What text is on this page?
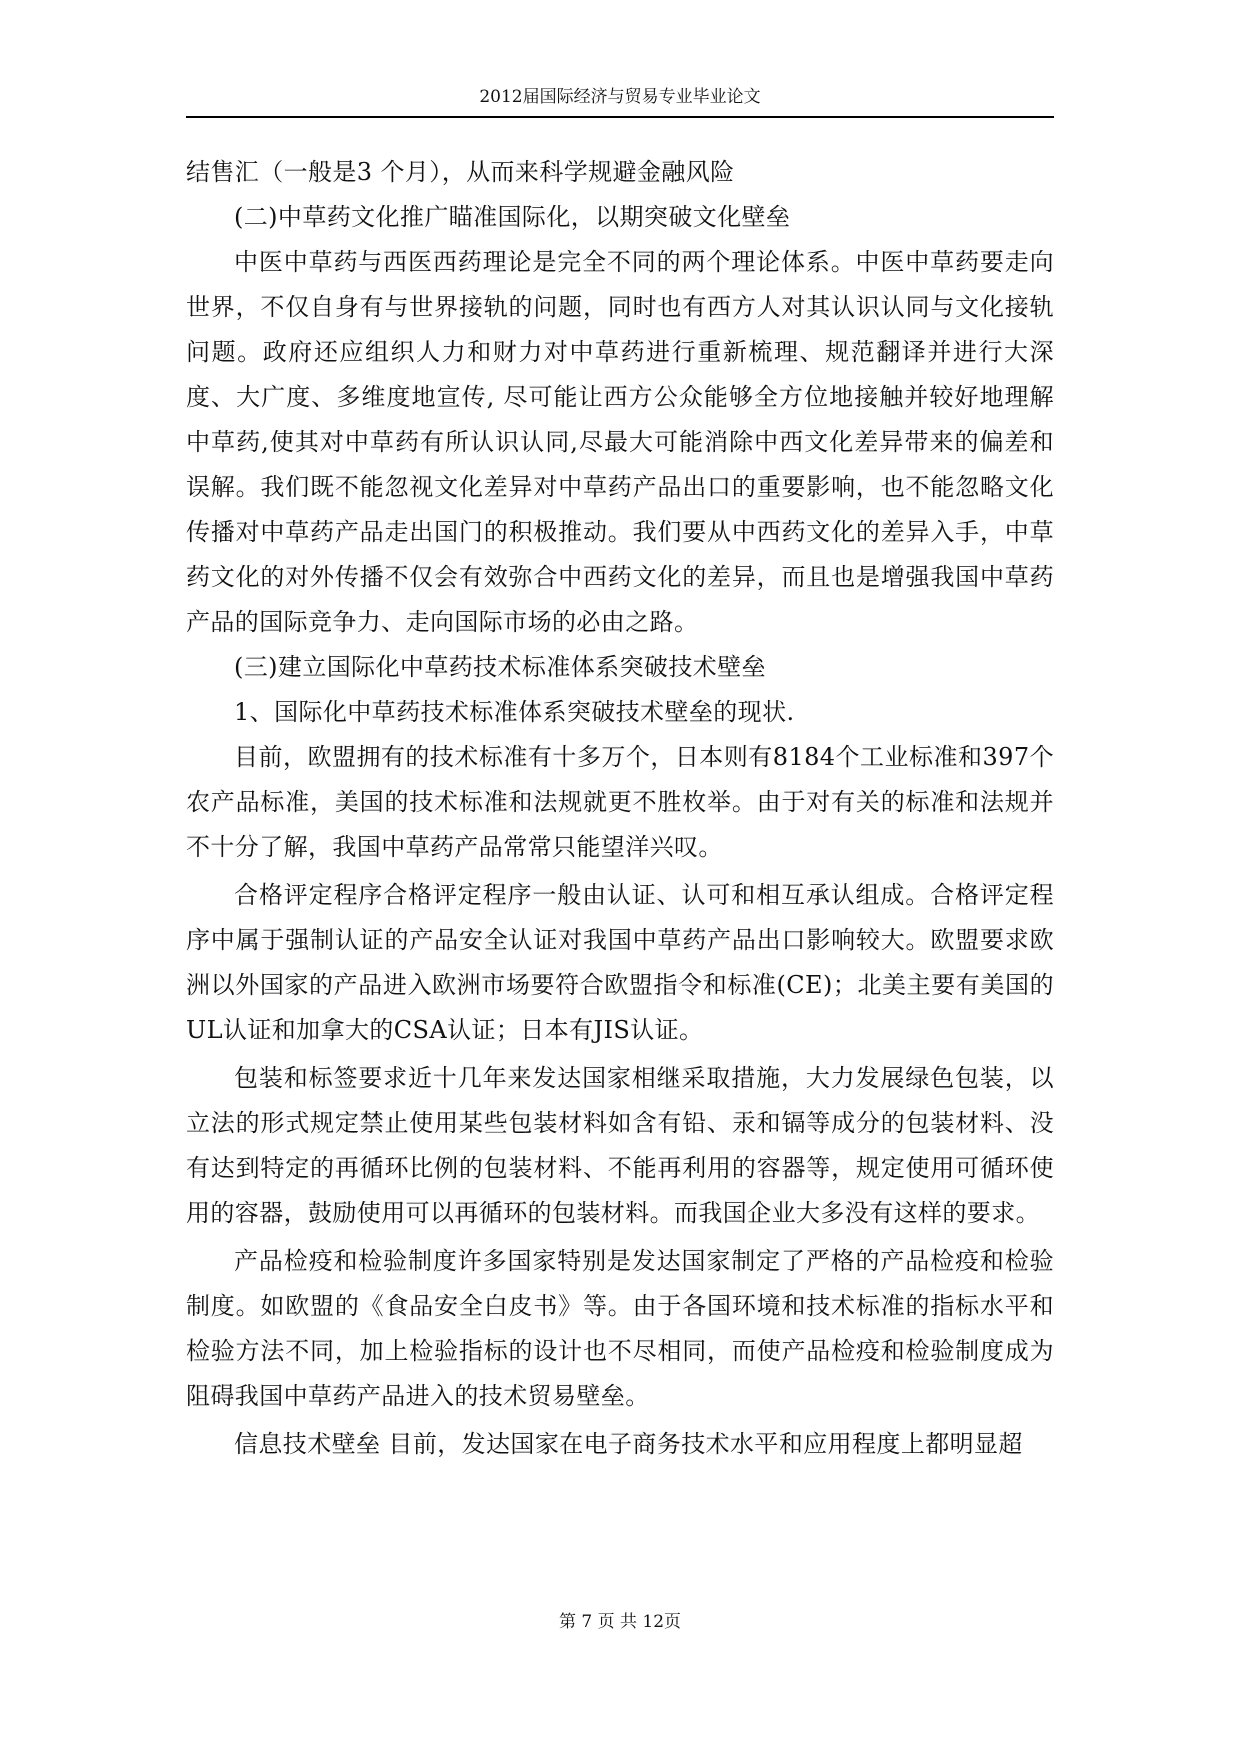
2012届国际经济与贸易专业毕业论文

结售汇（一般是3 个月），从而来科学规避金融风险

(二)中草药文化推广瞄准国际化，以期突破文化壁垒

中医中草药与西医西药理论是完全不同的两个理论体系。中医中草药要走向世界，不仅自身有与世界接轨的问题，同时也有西方人对其认识认同与文化接轨问题。政府还应组织人力和财力对中草药进行重新梳理、规范翻译并进行大深度、大广度、多维度地宣传, 尽可能让西方公众能够全方位地接触并较好地理解中草药,使其对中草药有所认识认同,尽最大可能消除中西文化差异带来的偏差和误解。我们既不能忽视文化差异对中草药产品出口的重要影响，也不能忽略文化传播对中草药产品走出国门的积极推动。我们要从中西药文化的差异入手，中草药文化的对外传播不仅会有效弥合中西药文化的差异，而且也是增强我国中草药产品的国际竞争力、走向国际市场的必由之路。

(三)建立国际化中草药技术标准体系突破技术壁垒

1、国际化中草药技术标准体系突破技术壁垒的现状.

目前，欧盟拥有的技术标准有十多万个，日本则有8184个工业标准和397个农产品标准，美国的技术标准和法规就更不胜枚举。由于对有关的标准和法规并不十分了解，我国中草药产品常常只能望洋兴叹。

合格评定程序合格评定程序一般由认证、认可和相互承认组成。合格评定程序中属于强制认证的产品安全认证对我国中草药产品出口影响较大。欧盟要求欧洲以外国家的产品进入欧洲市场要符合欧盟指令和标准(CE)；北美主要有美国的UL认证和加拿大的CSA认证；日本有JIS认证。

包装和标签要求近十几年来发达国家相继采取措施，大力发展绿色包装，以立法的形式规定禁止使用某些包装材料如含有铅、汞和镉等成分的包装材料、没有达到特定的再循环比例的包装材料、不能再利用的容器等，规定使用可循环使用的容器，鼓励使用可以再循环的包装材料。而我国企业大多没有这样的要求。

产品检疫和检验制度许多国家特别是发达国家制定了严格的产品检疫和检验制度。如欧盟的《食品安全白皮书》等。由于各国环境和技术标准的指标水平和检验方法不同，加上检验指标的设计也不尽相同，而使产品检疫和检验制度成为阻碍我国中草药产品进入的技术贸易壁垒。

信息技术壁垒 目前，发达国家在电子商务技术水平和应用程度上都明显超

第 7 页 共 12页
